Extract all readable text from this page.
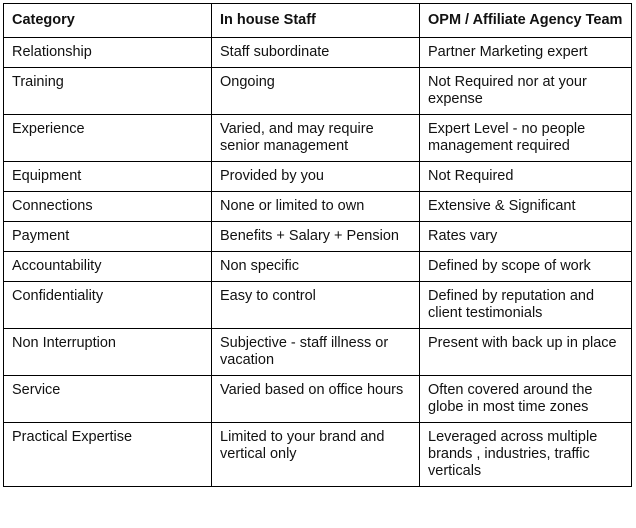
Category	In house Staff	OPM / Affiliate Agency Team
Relationship	Staff subordinate	Partner Marketing expert
Training	Ongoing	Not Required nor at your expense
Experience	Varied, and may require senior management	Expert Level - no people management required
Equipment	Provided by you	Not Required
Connections	None or limited to own	Extensive & Significant
Payment	Benefits + Salary + Pension	Rates vary
Accountability	Non specific	Defined by scope of work
Confidentiality	Easy to control	Defined by reputation and client testimonials
Non Interruption	Subjective - staff illness or vacation	Present with back up in place
Service	Varied based on office hours	Often covered around the globe in most time zones
Practical Expertise	Limited to your brand and vertical only	Leveraged across multiple brands , industries, traffic verticals
